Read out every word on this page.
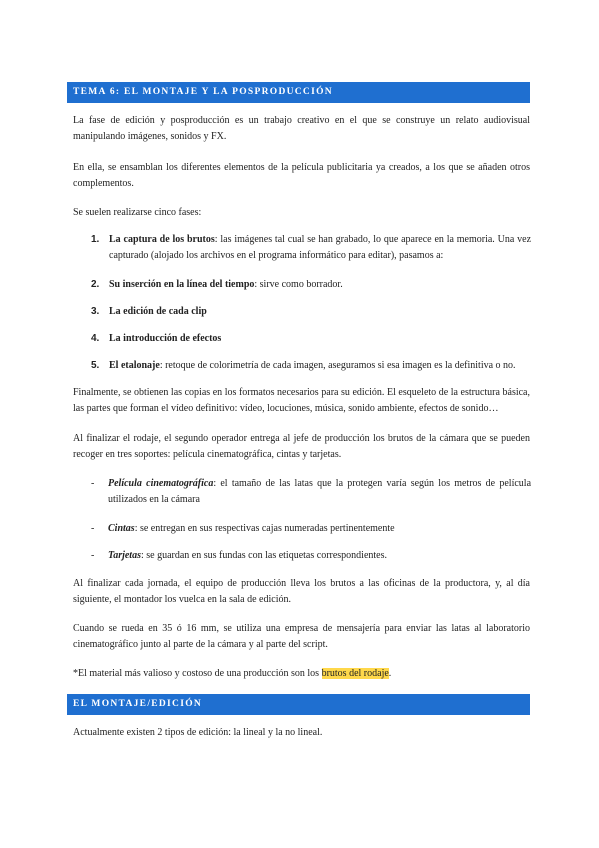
TEMA 6: EL MONTAJE Y LA POSPRODUCCIÓN
La fase de edición y posproducción es un trabajo creativo en el que se construye un relato audiovisual manipulando imágenes, sonidos y FX.
En ella, se ensamblan los diferentes elementos de la película publicitaria ya creados, a los que se añaden otros complementos.
Se suelen realizarse cinco fases:
1. La captura de los brutos: las imágenes tal cual se han grabado, lo que aparece en la memoria. Una vez capturado (alojado los archivos en el programa informático para editar), pasamos a:
2. Su inserción en la línea del tiempo: sirve como borrador.
3. La edición de cada clip
4. La introducción de efectos
5. El etalonaje: retoque de colorimetría de cada imagen, aseguramos si esa imagen es la definitiva o no.
Finalmente, se obtienen las copias en los formatos necesarios para su edición. El esqueleto de la estructura básica, las partes que forman el vídeo definitivo: vídeo, locuciones, música, sonido ambiente, efectos de sonido…
Al finalizar el rodaje, el segundo operador entrega al jefe de producción los brutos de la cámara que se pueden recoger en tres soportes: película cinematográfica, cintas y tarjetas.
- Película cinematográfica: el tamaño de las latas que la protegen varía según los metros de película utilizados en la cámara
- Cintas: se entregan en sus respectivas cajas numeradas pertinentemente
- Tarjetas: se guardan en sus fundas con las etiquetas correspondientes.
Al finalizar cada jornada, el equipo de producción lleva los brutos a las oficinas de la productora, y, al día siguiente, el montador los vuelca en la sala de edición.
Cuando se rueda en 35 ó 16 mm, se utiliza una empresa de mensajería para enviar las latas al laboratorio cinematográfico junto al parte de la cámara y al parte del script.
*El material más valioso y costoso de una producción son los brutos del rodaje.
EL MONTAJE/EDICIÓN
Actualmente existen 2 tipos de edición: la lineal y la no lineal.
